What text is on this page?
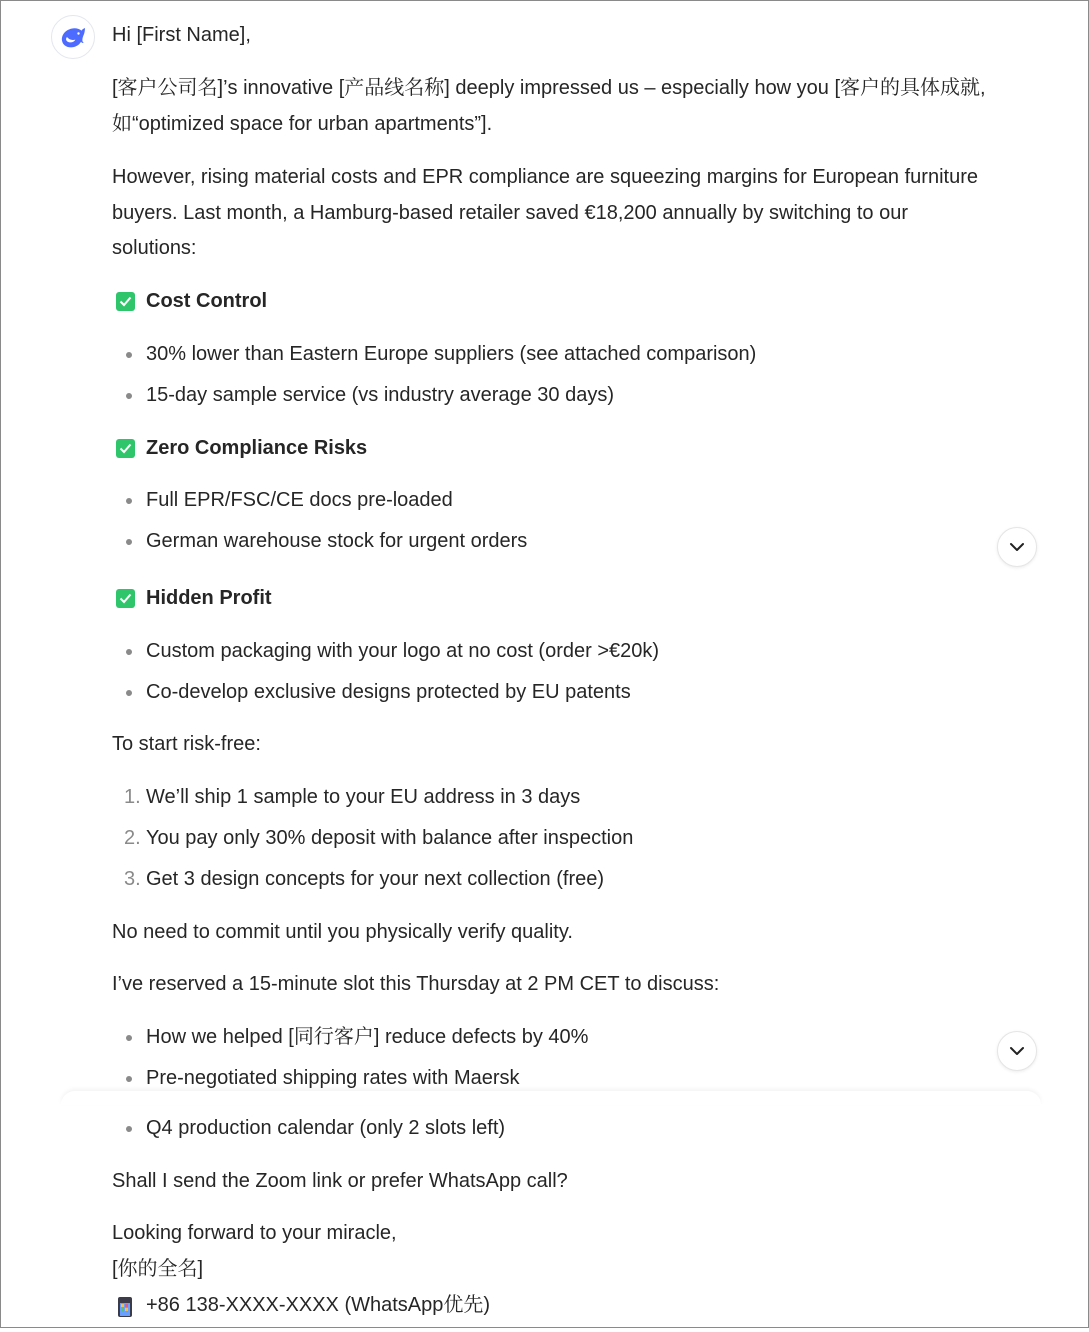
Hi [First Name],
[客户公司名]’s innovative [产品线名称] deeply impressed us – especially how you [客户的具体成就,
如“optimized space for urban apartments”].
However, rising material costs and EPR compliance are squeezing margins for European furniture
buyers. Last month, a Hamburg-based retailer saved €18,200 annually by switching to our
solutions:
Cost Control
30% lower than Eastern Europe suppliers (see attached comparison)
15-day sample service (vs industry average 30 days)
Zero Compliance Risks
Full EPR/FSC/CE docs pre-loaded
German warehouse stock for urgent orders
Hidden Profit
Custom packaging with your logo at no cost (order >€20k)
Co-develop exclusive designs protected by EU patents
To start risk-free:
1. We’ll ship 1 sample to your EU address in 3 days
2. You pay only 30% deposit with balance after inspection
3. Get 3 design concepts for your next collection (free)
No need to commit until you physically verify quality.
I’ve reserved a 15-minute slot this Thursday at 2 PM CET to discuss:
How we helped [同行客户] reduce defects by 40%
Pre-negotiated shipping rates with Maersk
Q4 production calendar (only 2 slots left)
Shall I send the Zoom link or prefer WhatsApp call?
Looking forward to your miracle,
[你的全名]
+86 138-XXXX-XXXX (WhatsApp优先)
